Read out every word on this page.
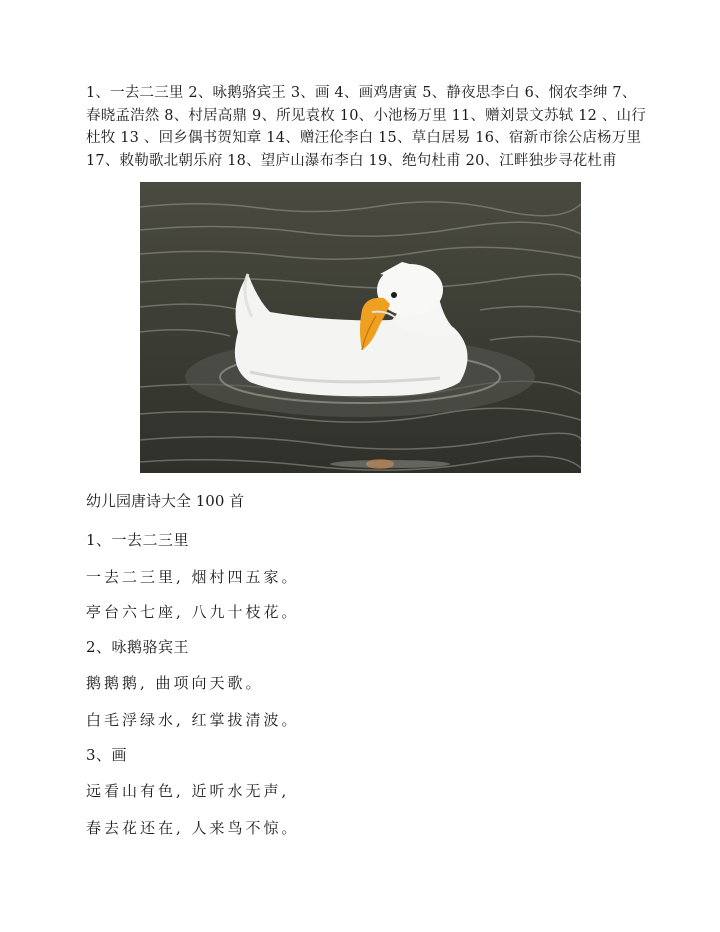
1、一去二三里 2、咏鹅骆宾王 3、画 4、画鸡唐寅 5、静夜思李白 6、悯农李绅 7、春晓孟浩然 8、村居高鼎 9、所见袁枚 10、小池杨万里 11、赠刘景文苏轼 12 、山行杜牧 13 、回乡偶书贺知章 14、赠汪伦李白 15、草白居易 16、宿新市徐公店杨万里 17、敕勒歌北朝乐府 18、望庐山瀑布李白 19、绝句杜甫 20、江畔独步寻花杜甫
幼儿园唐诗大全 100 首
1、一去二三里
一去二三里, 烟村四五家。
亭台六七座, 八九十枝花。
2、咏鹅骆宾王
鹅鹅鹅, 曲项向天歌。
白毛浮绿水, 红掌拔清波。
3、画
远看山有色, 近听水无声,
春去花还在, 人来鸟不惊。
